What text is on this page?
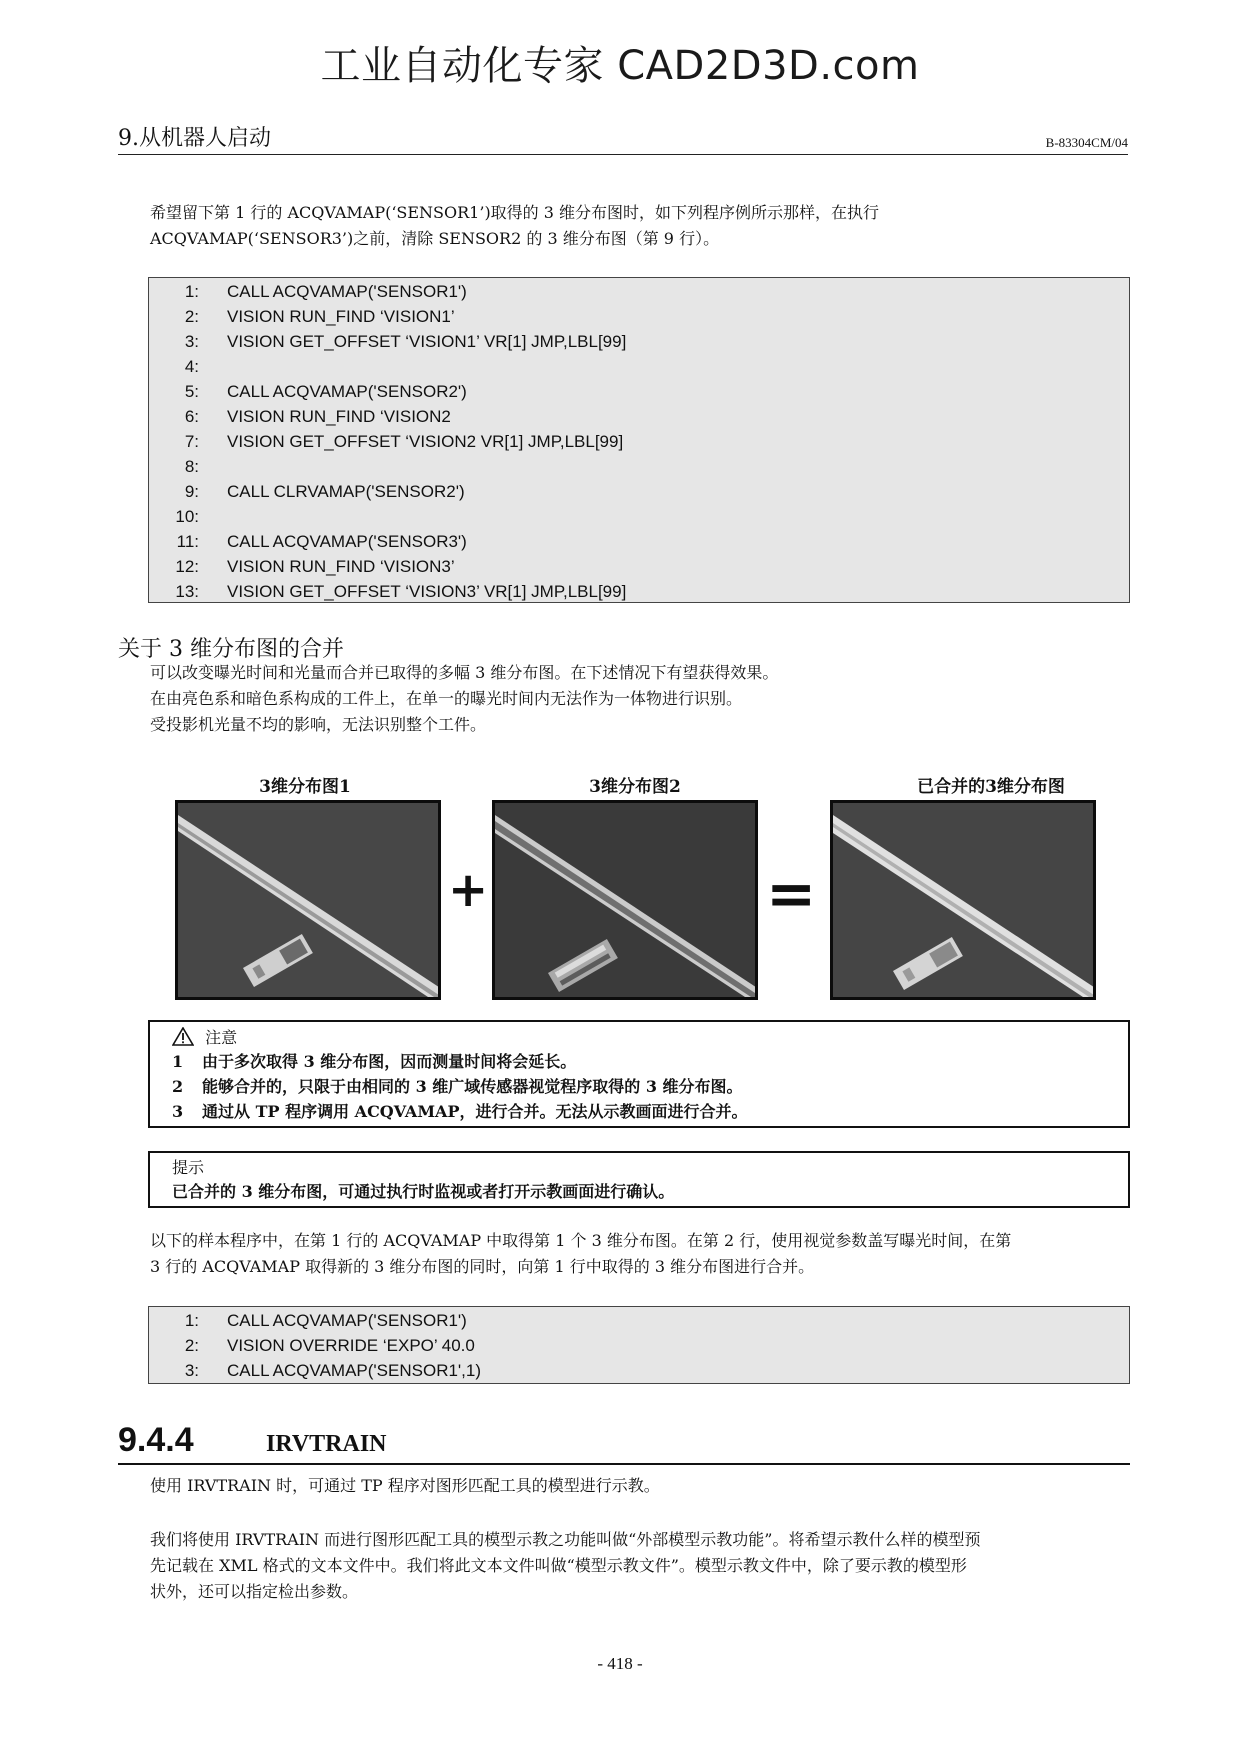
工业自动化专家 CAD2D3D.com
9.从机器人启动	B-83304CM/04
希望留下第 1 行的 ACQVAMAP(‘SENSOR1’)取得的 3 维分布图时，如下列程序例所示那样，在执行
ACQVAMAP(‘SENSOR3’)之前，清除 SENSOR2 的 3 维分布图（第 9 行）。
1: CALL ACQVAMAP('SENSOR1')
2: VISION RUN_FIND ‘VISION1’
3: VISION GET_OFFSET ‘VISION1’ VR[1] JMP,LBL[99]
4:
5: CALL ACQVAMAP('SENSOR2')
6: VISION RUN_FIND ‘VISION2
7: VISION GET_OFFSET ‘VISION2 VR[1] JMP,LBL[99]
8:
9: CALL CLRVAMAP('SENSOR2')
10:
11: CALL ACQVAMAP('SENSOR3')
12: VISION RUN_FIND ‘VISION3’
13: VISION GET_OFFSET ‘VISION3’ VR[1] JMP,LBL[99]
关于 3 维分布图的合并
可以改变曝光时间和光量而合并已取得的多幅 3 维分布图。在下述情况下有望获得效果。
在由亮色系和暗色系构成的工件上，在单一的曝光时间内无法作为一体物进行识别。
受投影机光量不均的影响，无法识别整个工件。
3维分布图1	3维分布图2	已合并的3维分布图
+	=
注意
1 由于多次取得 3 维分布图，因而测量时间将会延长。
2 能够合并的，只限于由相同的 3 维广域传感器视觉程序取得的 3 维分布图。
3 通过从 TP 程序调用 ACQVAMAP，进行合并。无法从示教画面进行合并。
提示
已合并的 3 维分布图，可通过执行时监视或者打开示教画面进行确认。
以下的样本程序中，在第 1 行的 ACQVAMAP 中取得第 1 个 3 维分布图。在第 2 行，使用视觉参数盖写曝光时间，在第
3 行的 ACQVAMAP 取得新的 3 维分布图的同时，向第 1 行中取得的 3 维分布图进行合并。
1: CALL ACQVAMAP('SENSOR1')
2: VISION OVERRIDE ‘EXPO’ 40.0
3: CALL ACQVAMAP('SENSOR1',1)
9.4.4	IRVTRAIN
使用 IRVTRAIN 时，可通过 TP 程序对图形匹配工具的模型进行示教。
我们将使用 IRVTRAIN 而进行图形匹配工具的模型示教之功能叫做“外部模型示教功能”。将希望示教什么样的模型预
先记载在 XML 格式的文本文件中。我们将此文本文件叫做“模型示教文件”。模型示教文件中，除了要示教的模型形
状外，还可以指定检出参数。
- 418 -
